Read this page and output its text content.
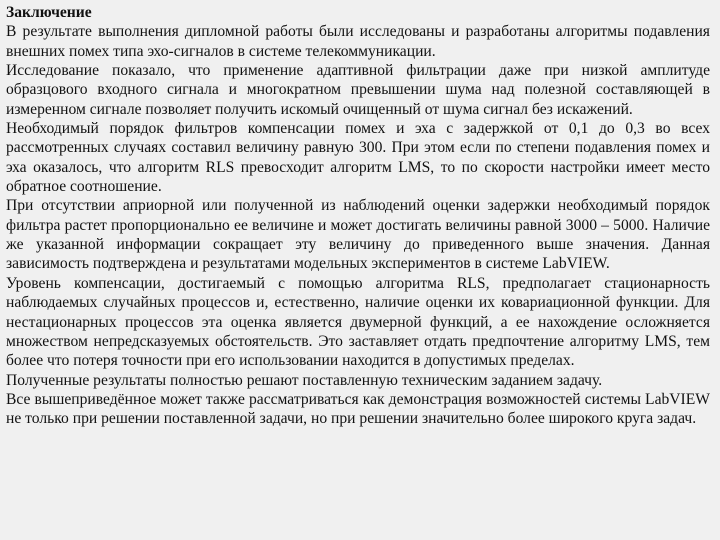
Заключение

В результате выполнения дипломной работы были исследованы и разработаны алгоритмы подавления внешних помех типа эхо-сигналов в системе телекоммуникации.

Исследование показало, что применение адаптивной фильтрации даже при низкой амплитуде образцового входного сигнала и многократном превышении шума над полезной составляющей в измеренном сигнале позволяет получить искомый очищенный от шума сигнал без искажений.

Необходимый порядок фильтров компенсации помех и эха с задержкой от 0,1 до 0,3 во всех рассмотренных случаях составил величину равную 300. При этом если по степени подавления помех и эха оказалось, что алгоритм RLS превосходит алгоритм LMS, то по скорости настройки имеет место обратное соотношение.

При отсутствии априорной или полученной из наблюдений оценки задержки необходимый порядок фильтра растет пропорционально ее величине и может достигать величины равной 3000 – 5000. Наличие же указанной информации сокращает эту величину до приведенного выше значения. Данная зависимость подтверждена и результатами модельных экспериментов в системе LabVIEW.

Уровень компенсации, достигаемый с помощью алгоритма RLS, предполагает стационарность наблюдаемых случайных процессов и, естественно, наличие оценки их ковариационной функции. Для нестационарных процессов эта оценка является двумерной функций, а ее нахождение осложняется множеством непредсказуемых обстоятельств. Это заставляет отдать предпочтение алгоритму LMS, тем более что потеря точности при его использовании находится в допустимых пределах.

Полученные результаты полностью решают поставленную техническим заданием задачу.

Все вышеприведённое может также рассматриваться как демонстрация возможностей системы LabVIEW не только при решении поставленной задачи, но при решении значительно более широкого круга задач.
